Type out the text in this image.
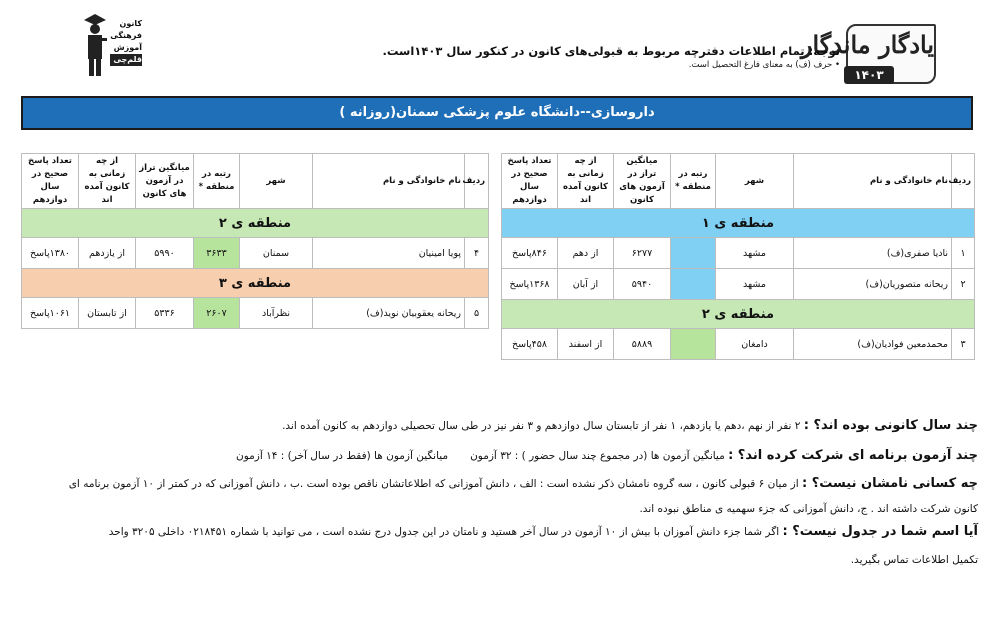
یادگار ماندگار
۱۴۰۳
توجه: تمام اطلاعات دفترچه مربوط به قبولی‌های کانون در کنکور سال ۱۴۰۳است.
• حرف (ف) به معنای فارغ التحصیل است.
کانون
فرهنگی
آموزش
قلم‌چی
داروسازی--دانشگاه علوم پزشکی سمنان(روزانه )
ردیف	نام خانوادگی و نام	شهر	رتبه در منطقه *	میانگین تراز در آزمون های کانون	از چه زمانی به کانون آمده اند	تعداد پاسخ صحیح در سال دوازدهم
منطقه ی ۱						
۱	نادیا صفری(ف)	مشهد		۶۲۷۷	از دهم	۸۴۶پاسخ
۲	ریحانه متصوریان(ف)	مشهد		۵۹۴۰	از آبان	۱۳۶۸پاسخ
منطقه ی ۲						
۳	محمدمعین فوادیان(ف)	دامغان		۵۸۸۹	از اسفند	۴۵۸پاسخ
ردیف	نام خانوادگی و نام	شهر	رتبه در منطقه *	میانگین تراز در آزمون های کانون	از چه زمانی به کانون آمده اند	تعداد پاسخ صحیح در سال دوازدهم
منطقه ی ۲						
۴	پویا امینیان	سمنان	۳۶۳۳	۵۹۹۰	از یازدهم	۱۳۸۰پاسخ
منطقه ی ۳						
۵	ریحانه یعقوبیان نوید(ف)	نظرآباد	۲۶۰۷	۵۳۳۶	از تابستان	۱۰۶۱پاسخ
چند سال کانونی بوده اند؟ : ۲ نفر از نهم ،دهم یا یازدهم، ۱ نفر از تابستان سال دوازدهم و ۳ نفر نیز در طی سال تحصیلی دوازدهم به کانون آمده اند.
چند آزمون برنامه ای شرکت کرده اند؟ : میانگین آزمون ها (در مجموع چند سال حضور ) : ۳۲ آزمونمیانگین آزمون ها (فقط در سال آخر) : ۱۴ آزمون
چه کسانی نامشان نیست؟ : از میان ۶ قبولی کانون ، سه گروه نامشان ذکر نشده است : الف ، دانش آموزانی که اطلاعاتشان ناقص بوده است .ب ، دانش آموزانی که در کمتر از ۱۰ آزمون برنامه ای
کانون شرکت داشته اند . ج، دانش آموزانی که جزء سهمیه ی مناطق نبوده اند.
آیا اسم شما در جدول نیست؟ : اگر شما جزء دانش آموزان با بیش از ۱۰ آزمون در سال آخر هستید و نامتان در این جدول درج نشده است ، می توانید با شماره ۰۲۱۸۴۵۱ داخلی ۳۲۰۵ واحد
تکمیل اطلاعات تماس بگیرید.
